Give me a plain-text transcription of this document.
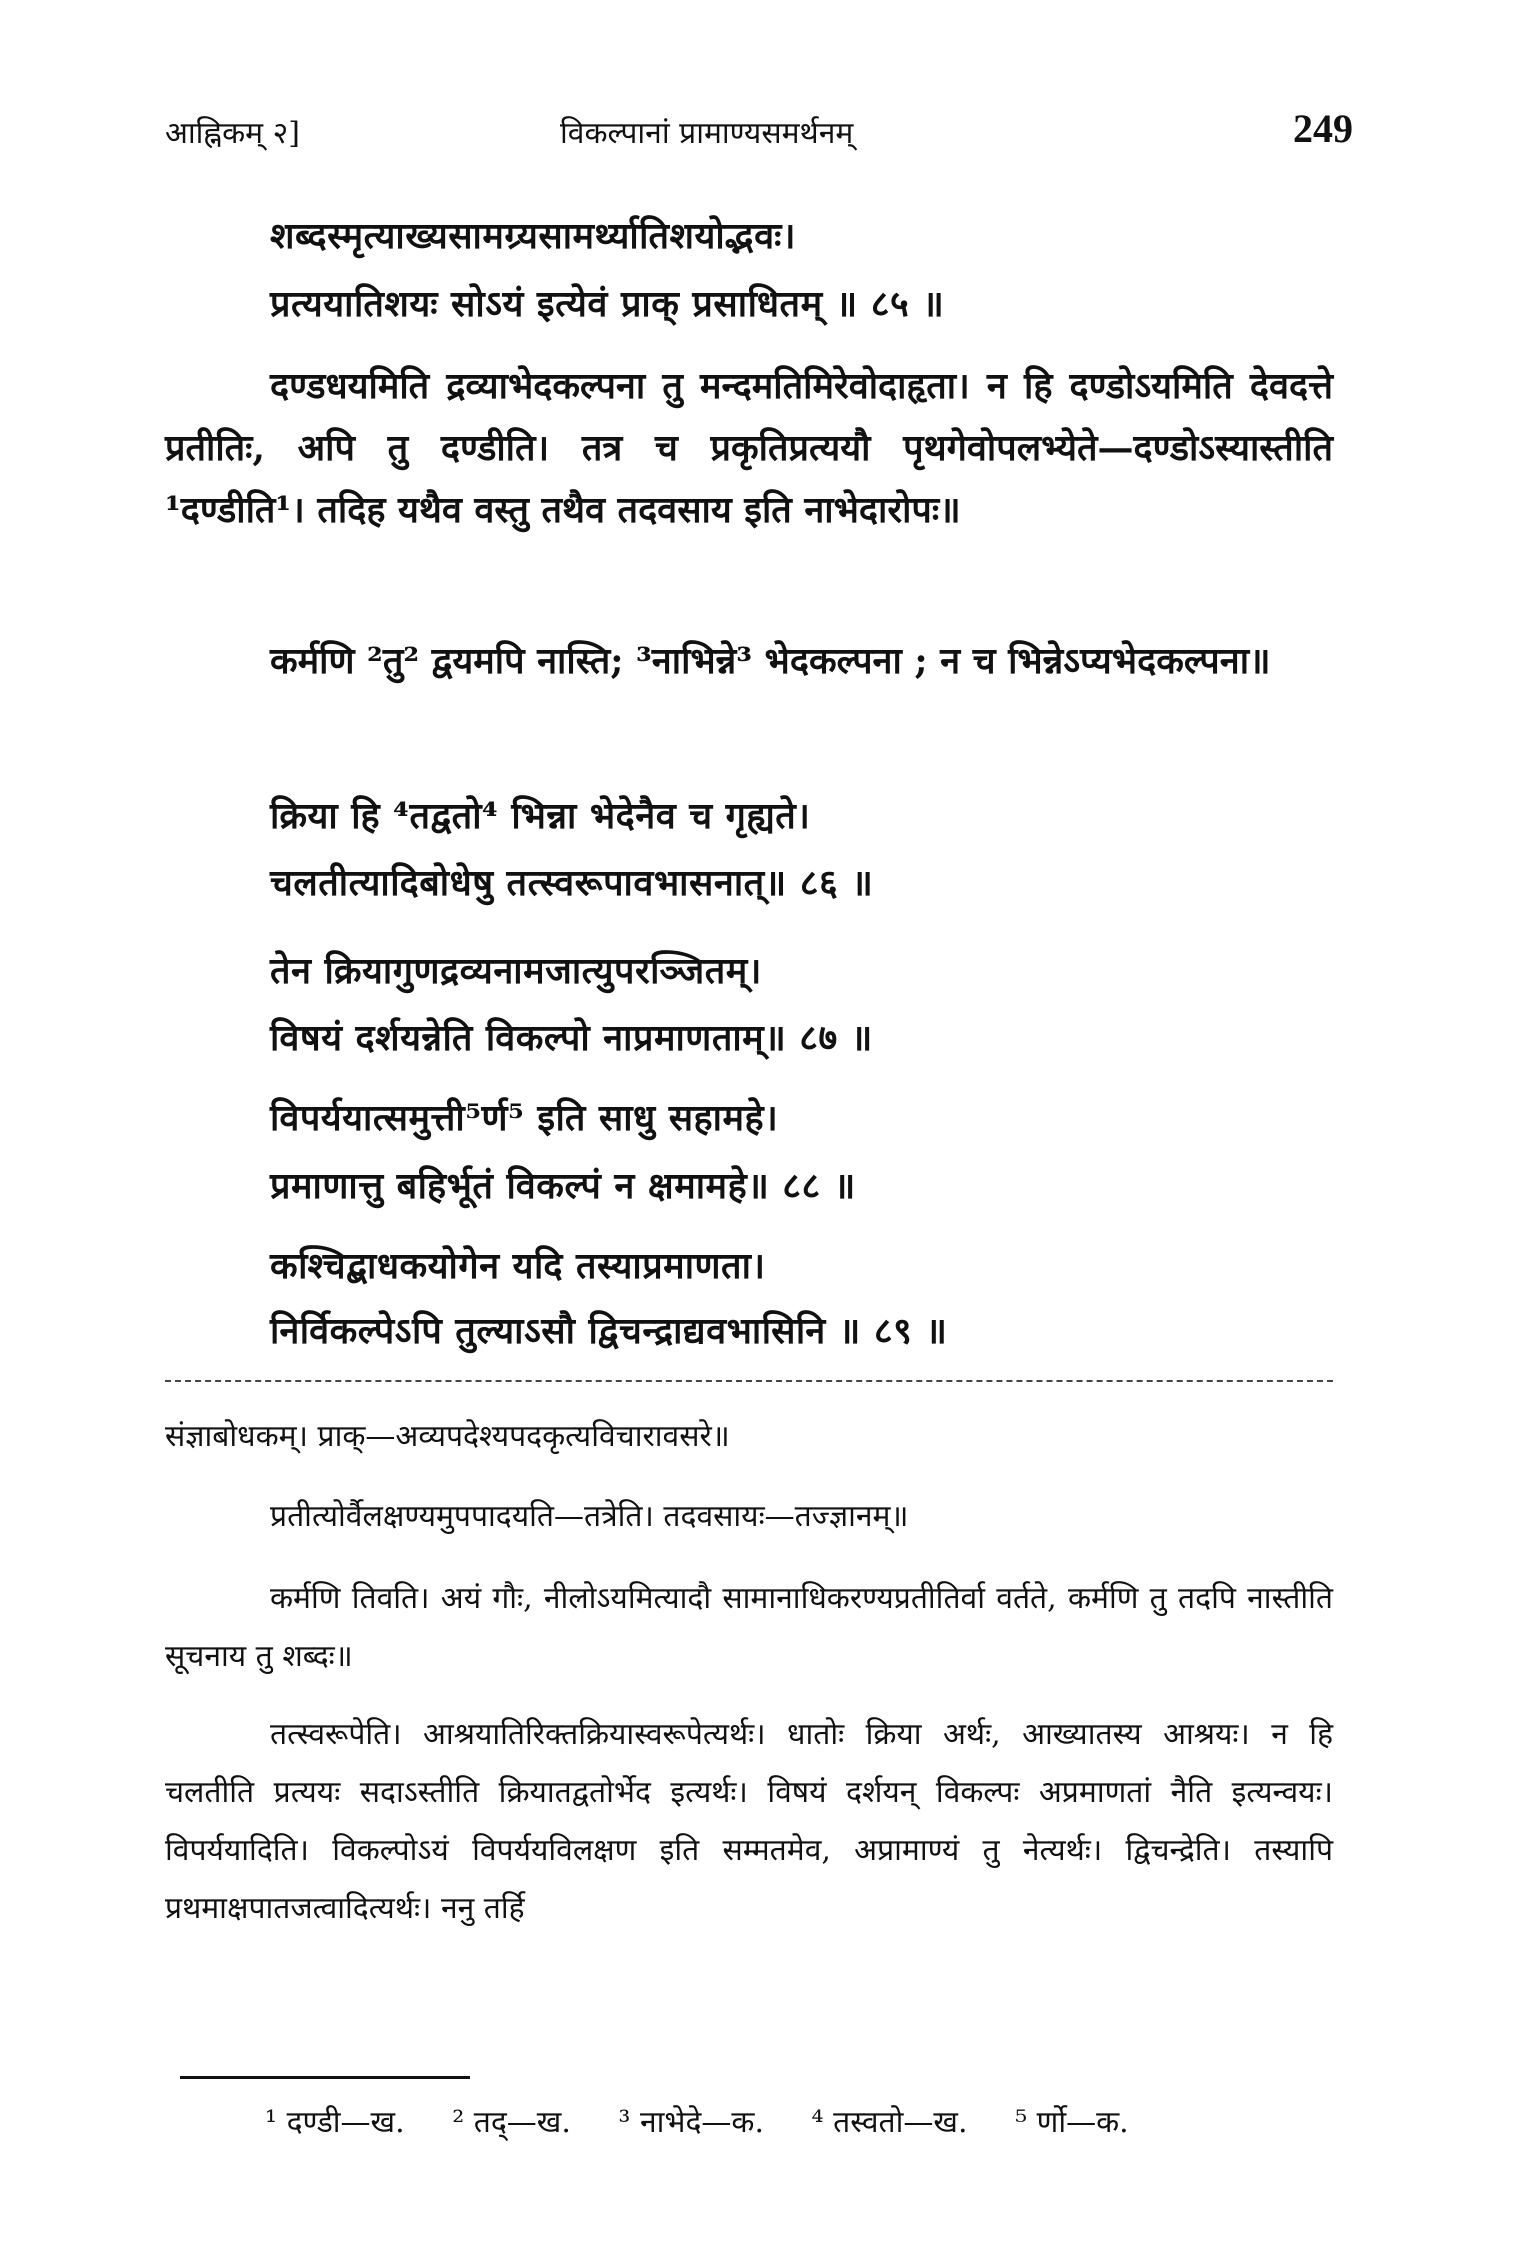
आह्निकम् २]	विकल्पानां प्रामाण्यसमर्थनम्	249
शब्दस्मृत्याख्यसामग्र्यसामर्थ्यातिशयोद्भवः।
प्रत्ययातिशयः सोऽयं इत्येवं प्राक् प्रसाधितम् ॥ ८५ ॥
दण्डधयमिति द्रव्याभेदकल्पना तु मन्दमतिमिरेवोदाहृता। न हि दण्डोऽयमिति देवदत्ते प्रतीतिः, अपि तु दण्डीति। तत्र च प्रकृतिप्रत्ययौ पृथगेवोपलभ्येते—दण्डोऽस्यास्तीति ¹दण्डीति¹। तदिह यथैव वस्तु तथैव तदवसाय इति नाभेदारोपः॥
कर्मणि ²तु² द्वयमपि नास्ति; ³नाभिन्ने³ भेदकल्पना ; न च भिन्नेऽप्यभेदकल्पना॥
क्रिया हि ⁴तद्वतो⁴ भिन्ना भेदेनैव च गृह्यते।
चलतीत्यादिबोधेषु तत्स्वरूपावभासनात्॥ ८६ ॥
तेन क्रियागुणद्रव्यनामजात्युपरञ्जितम्।
विषयं दर्शयन्नेति विकल्पो नाप्रमाणताम्॥ ८७ ॥
विपर्ययात्समुत्ती⁵र्ण⁵ इति साधु सहामहे।
प्रमाणात्तु बहिर्भूतं विकल्पं न क्षमामहे॥ ८८ ॥
कश्चिद्बाधकयोगेन यदि तस्याप्रमाणता।
निर्विकल्पेऽपि तुल्याऽसौ द्विचन्द्राद्यवभासिनि ॥ ८९ ॥
संज्ञाबोधकम्। प्राक्—अव्यपदेश्यपदकृत्यविचारावसरे॥
प्रतीत्योर्वैलक्षण्यमुपपादयति—तत्रेति। तदवसायः—तज्ज्ञानम्॥
कर्मणि तिवति। अयं गौः, नीलोऽयमित्यादौ सामानाधिकरण्यप्रतीतिर्वा वर्तते, कर्मणि तु तदपि नास्तीति सूचनाय तु शब्दः॥
तत्स्वरूपेति। आश्रयातिरिक्तक्रियास्वरूपेत्यर्थः। धातोः क्रिया अर्थः, आख्यातस्य आश्रयः। न हि चलतीति प्रत्ययः सदाऽस्तीति क्रियातद्वतोर्भेद इत्यर्थः। विषयं दर्शयन् विकल्पः अप्रमाणतां नैति इत्यन्वयः। विपर्ययादिति। विकल्पोऽयं विपर्ययविलक्षण इति सम्मतमेव, अप्रामाण्यं तु नेत्यर्थः। द्विचन्द्रेति। तस्यापि प्रथमाक्षपातजत्वादित्यर्थः। ननु तर्हि
¹ दण्डी—ख. ² तद्—ख. ³ नाभेदे—क. ⁴ तस्वतो—ख. ⁵ र्णो—क.
